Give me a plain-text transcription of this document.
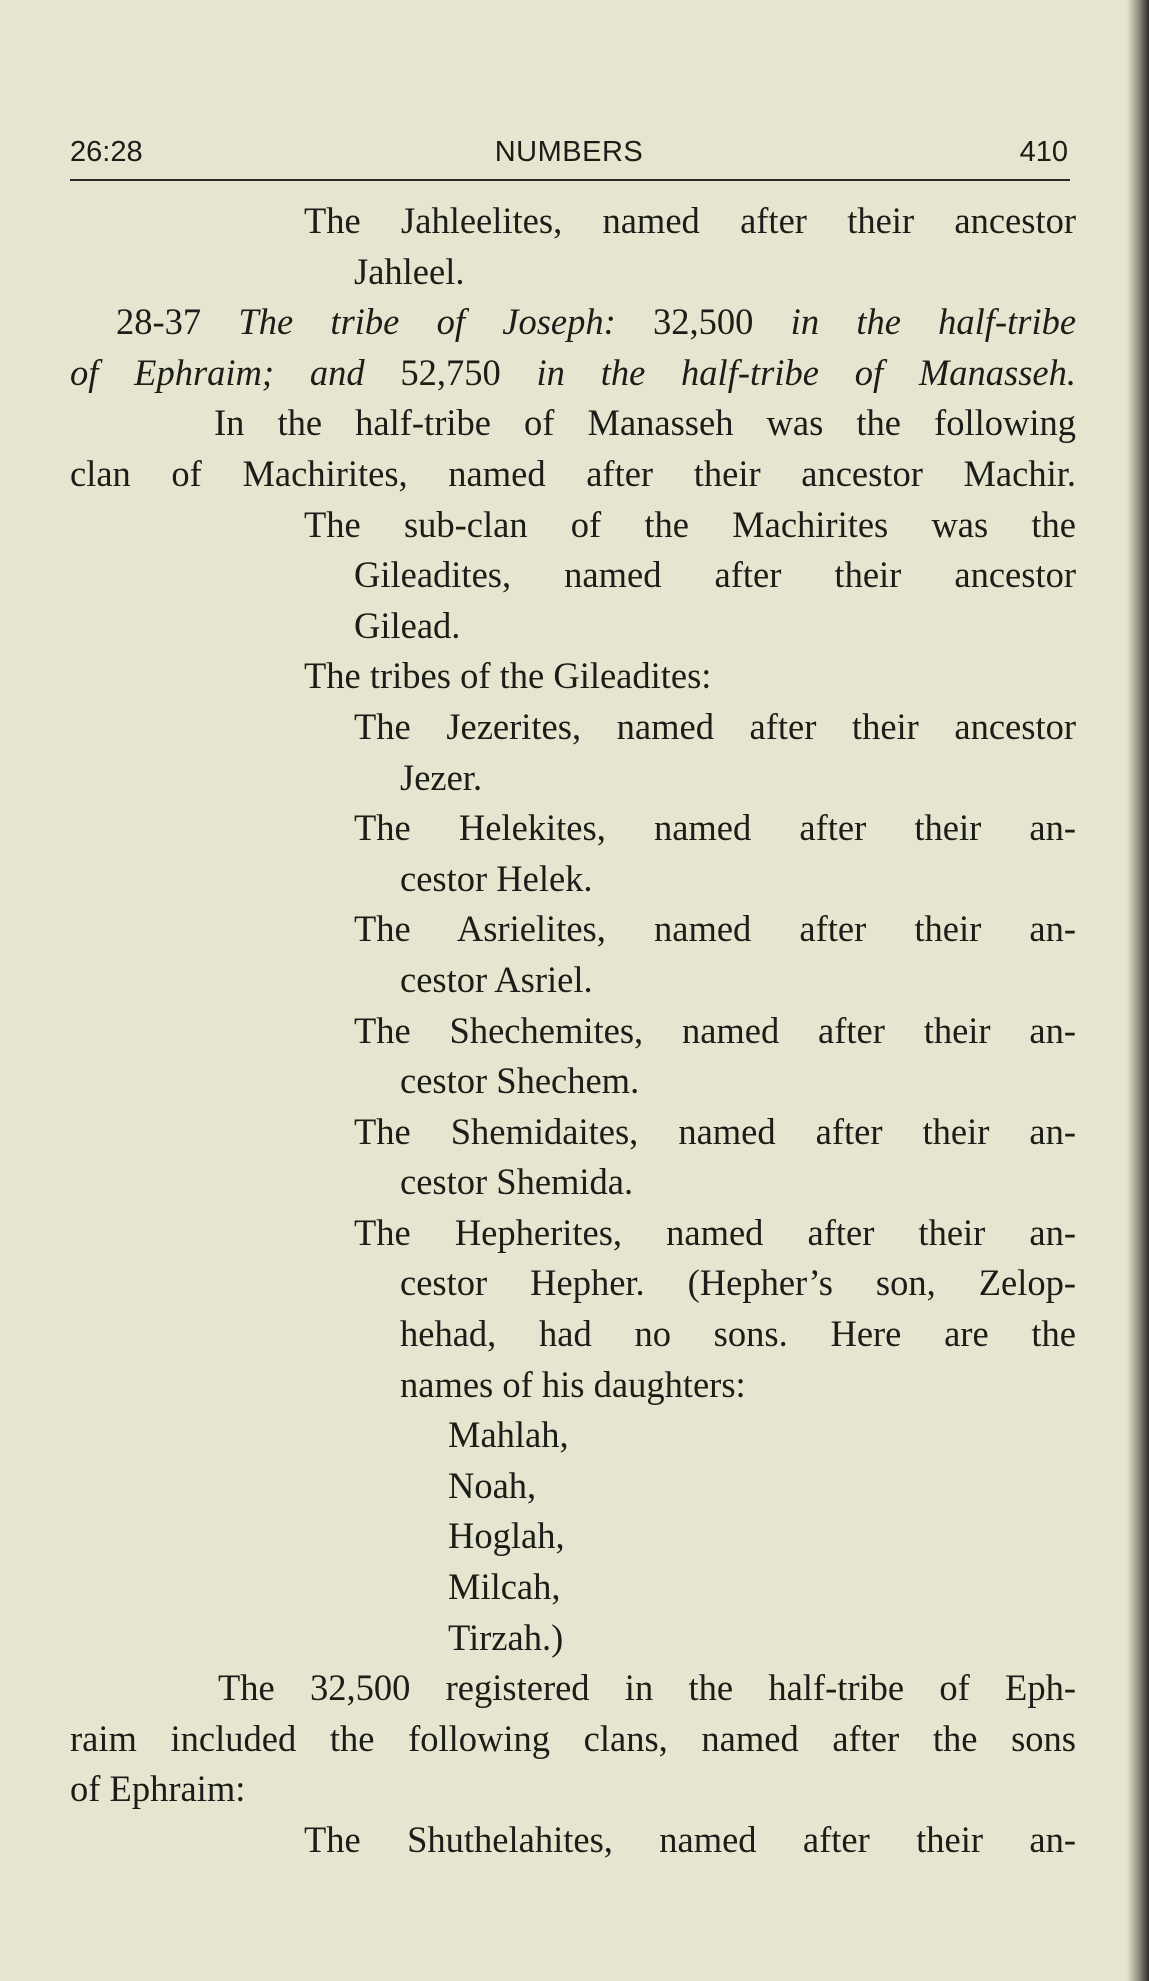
NUMBERS
26:28	410
The Jahleelites, named after their ancestor
Jahleel.
28-37 The tribe of Joseph: 32,500 in the half-tribe
of Ephraim; and 52,750 in the half-tribe of Manasseh.
In the half-tribe of Manasseh was the following
clan of Machirites, named after their ancestor Machir.
The sub-clan of the Machirites was the
Gileadites, named after their ancestor
Gilead.
The tribes of the Gileadites:
The Jezerites, named after their ancestor
Jezer.
The Helekites, named after their an-
cestor Helek.
The Asrielites, named after their an-
cestor Asriel.
The Shechemites, named after their an-
cestor Shechem.
The Shemidaites, named after their an-
cestor Shemida.
The Hepherites, named after their an-
cestor Hepher. (Hepher’s son, Zelop-
hehad, had no sons. Here are the
names of his daughters:
Mahlah,
Noah,
Hoglah,
Milcah,
Tirzah.)
The 32,500 registered in the half-tribe of Eph-
raim included the following clans, named after the sons
of Ephraim:
The Shuthelahites, named after their an-
